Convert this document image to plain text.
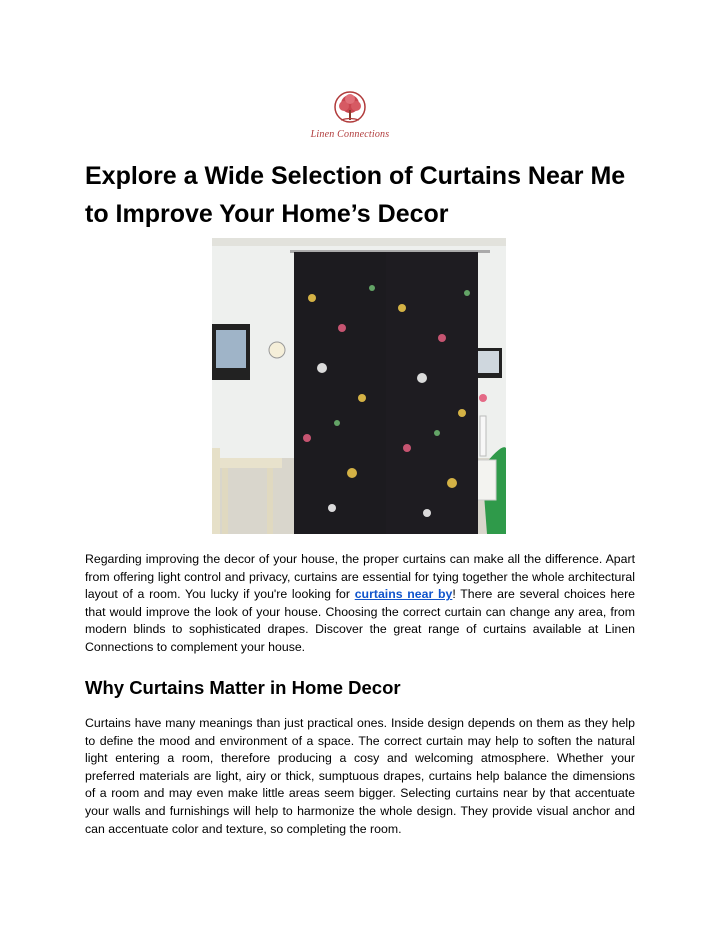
Linen Connections
Explore a Wide Selection of Curtains Near Me to Improve Your Home’s Decor

Regarding improving the decor of your house, the proper curtains can make all the difference. Apart from offering light control and privacy, curtains are essential for tying together the whole architectural layout of a room. You lucky if you're looking for curtains near by! There are several choices here that would improve the look of your house. Choosing the correct curtain can change any area, from modern blinds to sophisticated drapes. Discover the great range of curtains available at Linen Connections to complement your house.

Why Curtains Matter in Home Decor

Curtains have many meanings than just practical ones. Inside design depends on them as they help to define the mood and environment of a space. The correct curtain may help to soften the natural light entering a room, therefore producing a cosy and welcoming atmosphere. Whether your preferred materials are light, airy or thick, sumptuous drapes, curtains help balance the dimensions of a room and may even make little areas seem bigger. Selecting curtains near by that accentuate your walls and furnishings will help to harmonize the whole design. They provide visual anchor and can accentuate color and texture, so completing the room.
